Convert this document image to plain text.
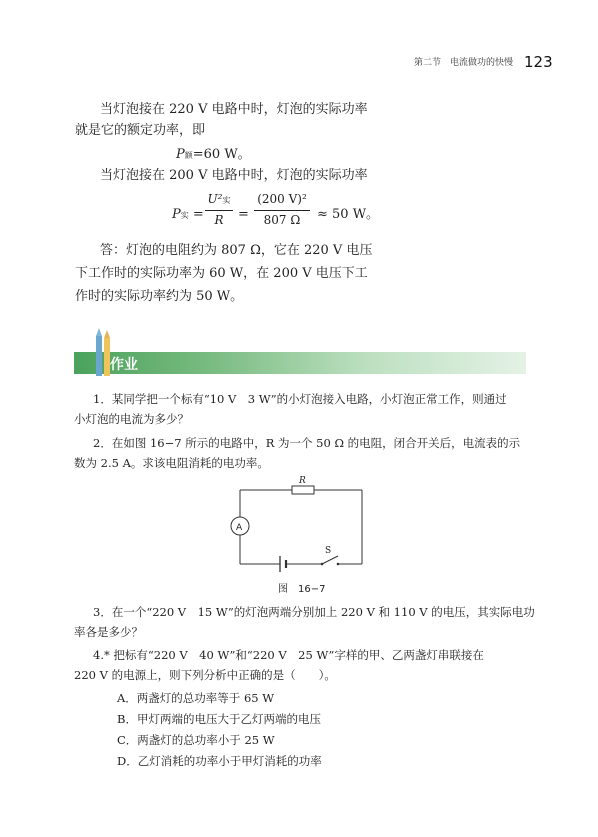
第二节　电流做功的快慢 123
当灯泡接在 220 V 电路中时，灯泡的实际功率
就是它的额定功率，即
P额=60 W。
当灯泡接在 200 V 电路中时，灯泡的实际功率
P实 =
U²实
R	= $\frac{\text{(200 V)²}}{807 \Omega} \approx 50$ W。
答：灯泡的电阻约为 807 Ω，它在 220 V 电压
下工作时的实际功率为 60 W，在 200 V 电压下工
作时的实际功率约为 50 W。
作业
1．某同学把一个标有“10 V　3 W”的小灯泡接入电路，小灯泡正常工作，则通过
小灯泡的电流为多少？
2．在如图 16−7 所示的电路中，R 为一个 50 Ω 的电阻，闭合开关后，电流表的示
数为 2.5 A。求该电阻消耗的电功率。
R
A
S
图　16−7
3．在一个“220 V　15 W”的灯泡两端分别加上 220 V 和 110 V 的电压，其实际电功
率各是多少？
4.* 把标有“220 V　40 W”和“220 V　25 W”字样的甲、乙两盏灯串联接在
220 V 的电源上，则下列分析中正确的是（　　）。
A．两盏灯的总功率等于 65 W
B．甲灯两端的电压大于乙灯两端的电压
C．两盏灯的总功率小于 25 W
D．乙灯消耗的功率小于甲灯消耗的功率
